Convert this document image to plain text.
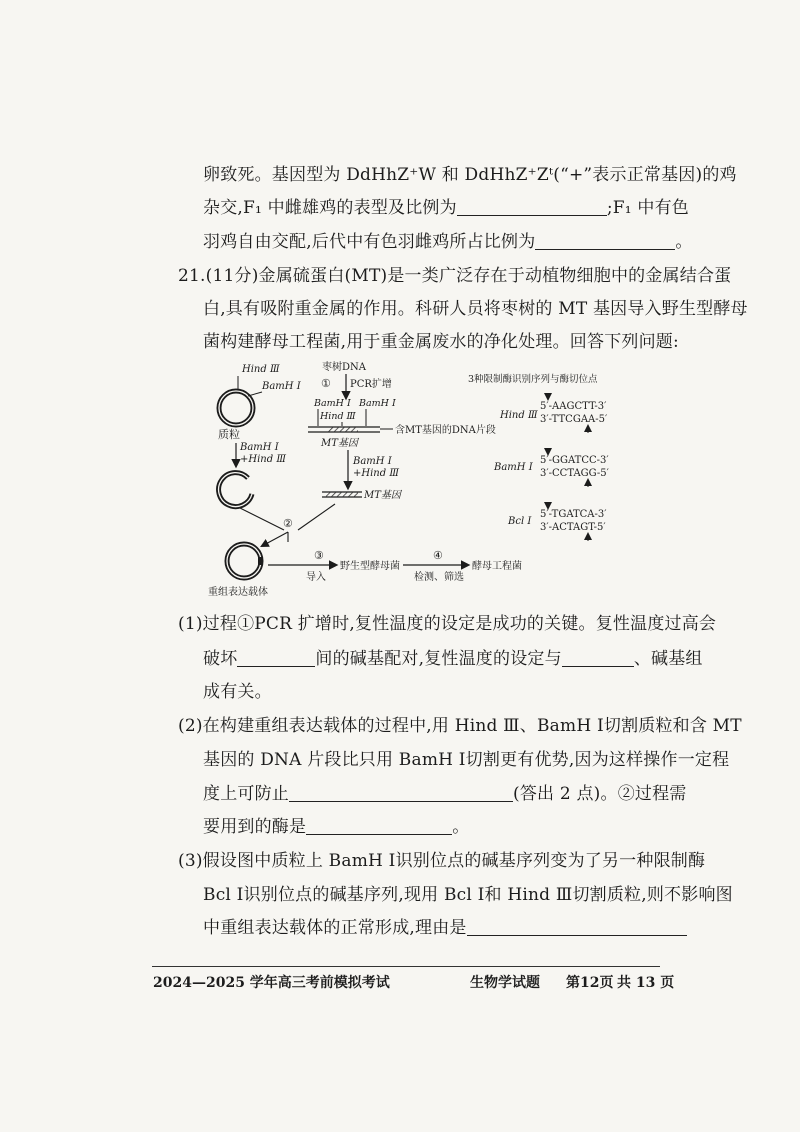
卵致死。基因型为 DdHhZ⁺W 和 DdHhZ⁺Zᵗ(“+”表示正常基因)的鸡
杂交,F₁ 中雌雄鸡的表型及比例为	;F₁ 中有色
羽鸡自由交配,后代中有色羽雌鸡所占比例为	。
21.(11分)金属硫蛋白(MT)是一类广泛存在于动植物细胞中的金属结合蛋
白,具有吸附重金属的作用。科研人员将枣树的 MT 基因导入野生型酵母
菌构建酵母工程菌,用于重金属废水的净化处理。回答下列问题:
Hind Ⅲ
BamH Ⅰ
质粒
BamH Ⅰ
+Hind Ⅲ
枣树DNA
① PCR扩增
BamH Ⅰ BamH Ⅰ
Hind Ⅲ
含MT基因的DNA片段
MT基因
BamH Ⅰ
+Hind Ⅲ
MT基因
②
重组表达载体
③
导入
野生型酵母菌
④
检测、筛选
酵母工程菌
3种限制酶识别序列与酶切位点
Hind Ⅲ
5′-AAGCTT-3′
3′-TTCGAA-5′
BamH Ⅰ
5′-GGATCC-3′
3′-CCTAGG-5′
Bcl Ⅰ
5′-TGATCA-3′
3′-ACTAGT-5′
(1)过程①PCR 扩增时,复性温度的设定是成功的关键。复性温度过高会
破坏	间的碱基配对,复性温度的设定与	、碱基组
成有关。
(2)在构建重组表达载体的过程中,用 Hind Ⅲ、BamH Ⅰ切割质粒和含 MT
基因的 DNA 片段比只用 BamH Ⅰ切割更有优势,因为这样操作一定程
度上可防止	(答出 2 点)。②过程需
要用到的酶是	。
(3)假设图中质粒上 BamH Ⅰ识别位点的碱基序列变为了另一种限制酶
Bcl Ⅰ识别位点的碱基序列,现用 Bcl Ⅰ和 Hind Ⅲ切割质粒,则不影响图
中重组表达载体的正常形成,理由是
2024—2025 学年高三考前模拟考试	生物学试题 第12页 共 13 页
